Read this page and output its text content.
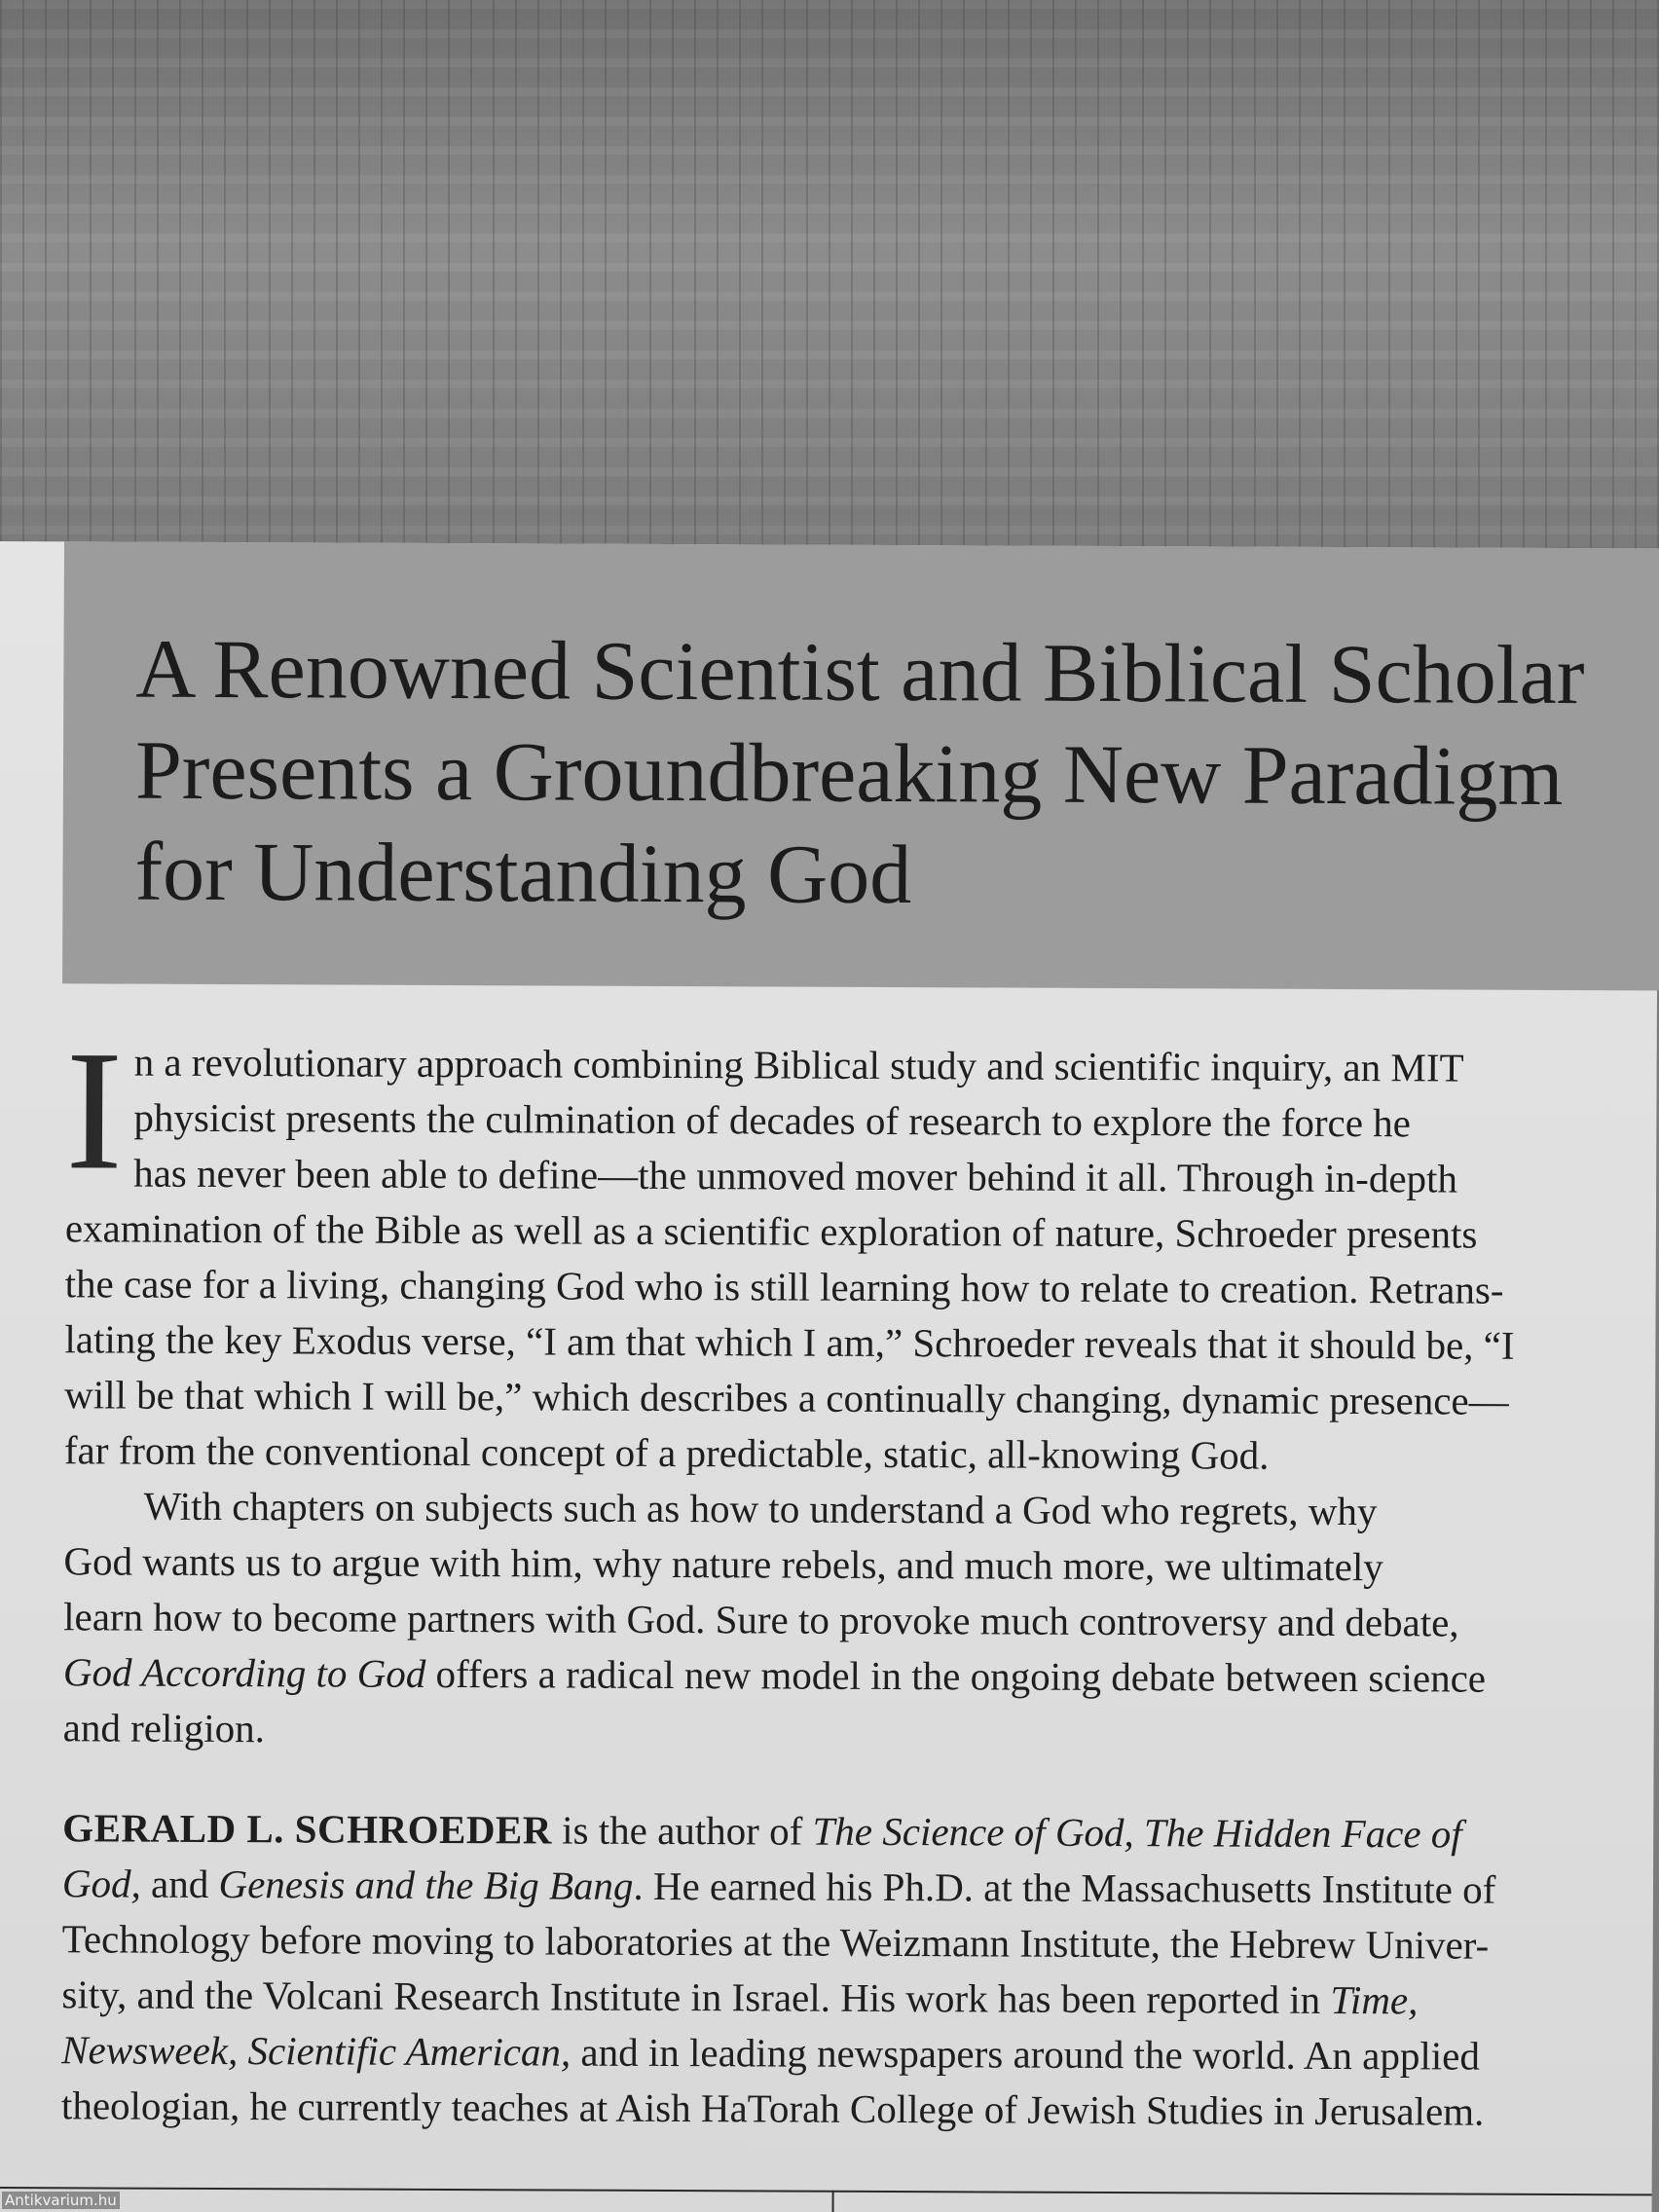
A Renowned Scientist and Biblical Scholar
Presents a Groundbreaking New Paradigm
for Understanding God
I n a revolutionary approach combining Biblical study and scientific inquiry, an MIT
physicist presents the culmination of decades of research to explore the force he
has never been able to define—the unmoved mover behind it all. Through in-depth
examination of the Bible as well as a scientific exploration of nature, Schroeder presents
the case for a living, changing God who is still learning how to relate to creation. Retrans-
lating the key Exodus verse, “I am that which I am,” Schroeder reveals that it should be, “I
will be that which I will be,” which describes a continually changing, dynamic presence—
far from the conventional concept of a predictable, static, all-knowing God.
With chapters on subjects such as how to understand a God who regrets, why
God wants us to argue with him, why nature rebels, and much more, we ultimately
learn how to become partners with God. Sure to provoke much controversy and debate,
God According to God offers a radical new model in the ongoing debate between science
and religion.
GERALD L. SCHROEDER is the author of The Science of God, The Hidden Face of
God, and Genesis and the Big Bang. He earned his Ph.D. at the Massachusetts Institute of
Technology before moving to laboratories at the Weizmann Institute, the Hebrew Univer-
sity, and the Volcani Research Institute in Israel. His work has been reported in Time,
Newsweek, Scientific American, and in leading newspapers around the world. An applied
theologian, he currently teaches at Aish HaTorah College of Jewish Studies in Jerusalem.
Antikvarium.hu
